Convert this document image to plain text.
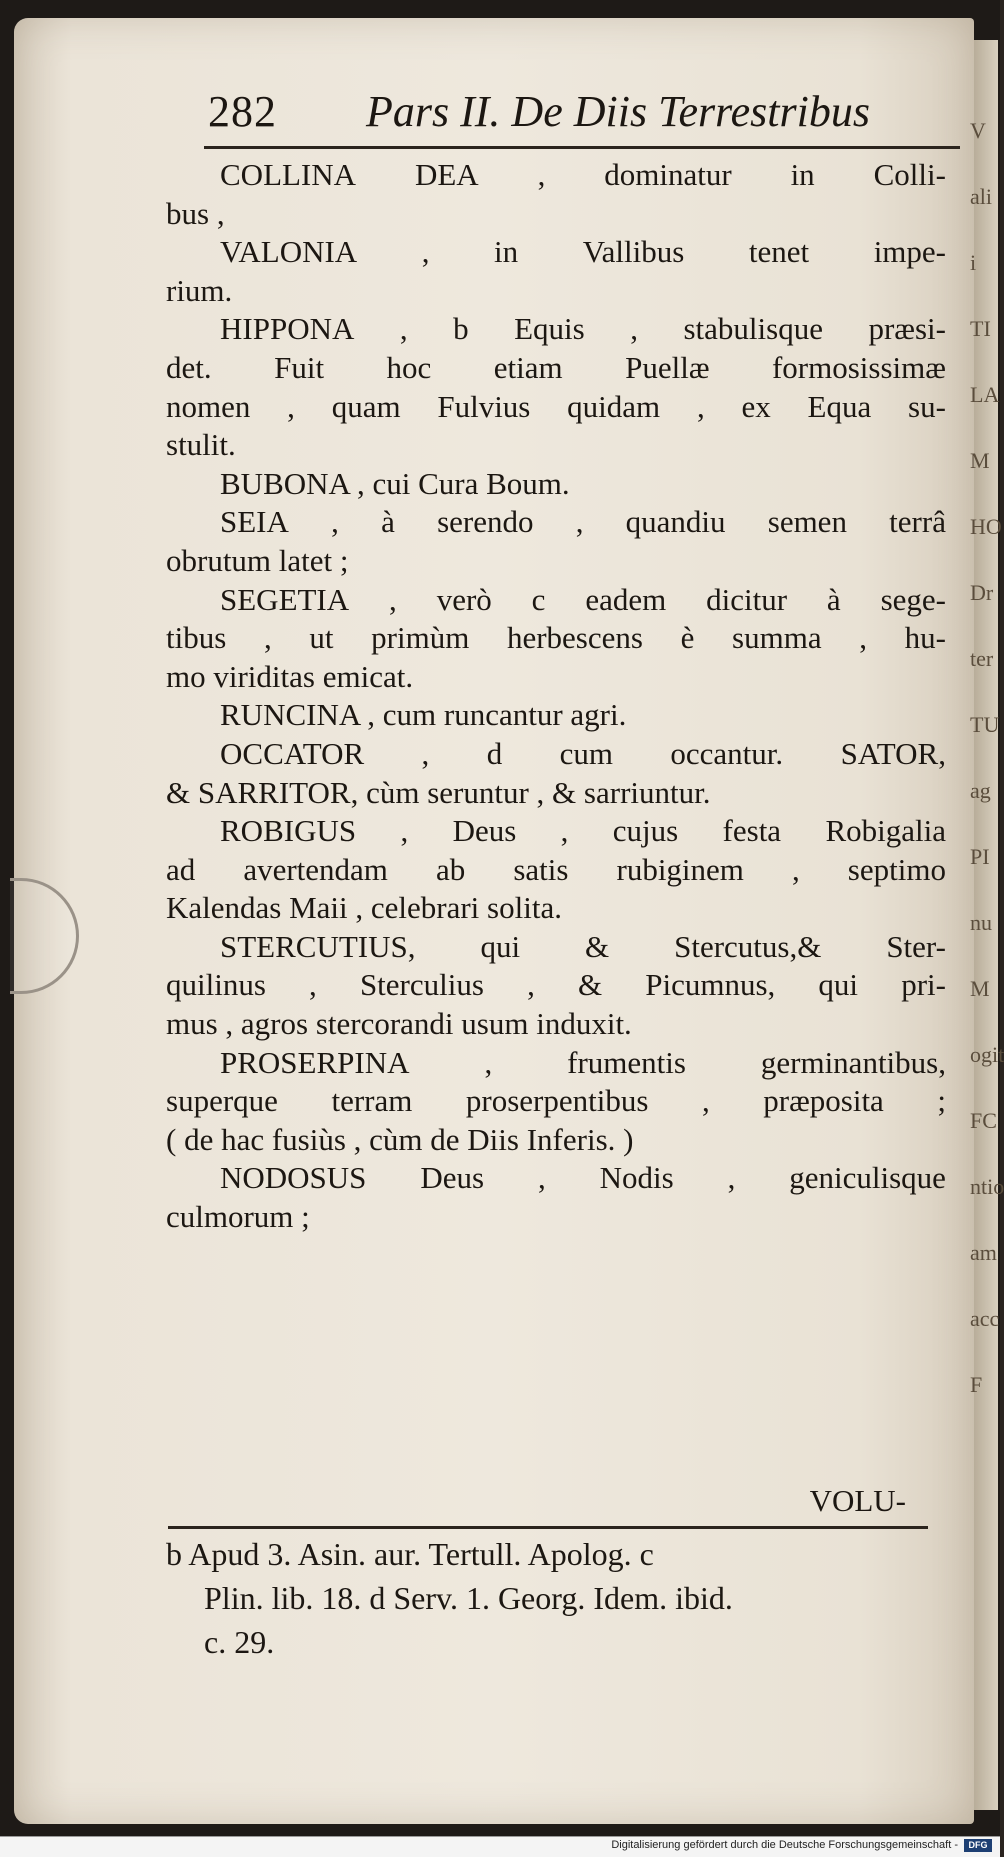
V
ali
i
TI
LA
M
HO
Dr
ter
TU
ag
PI
nu
M
ogit
FC
ntio
am
acc
F
282 Pars II. De Diis Terrestribus
COLLINA DEA , dominatur in Colli-
bus ,
VALONIA , in Vallibus tenet impe-
rium.
HIPPONA , b Equis , stabulisque præsi-
det. Fuit hoc etiam Puellæ formosissimæ
nomen , quam Fulvius quidam , ex Equa su-
stulit.
BUBONA , cui Cura Boum.
SEIA , à serendo , quandiu semen terrâ
obrutum latet ;
SEGETIA , verò c eadem dicitur à sege-
tibus , ut primùm herbescens è summa , hu-
mo viriditas emicat.
RUNCINA , cum runcantur agri.
OCCATOR , d cum occantur. SATOR,
& SARRITOR, cùm seruntur , & sarriuntur.
ROBIGUS , Deus , cujus festa Robigalia
ad avertendam ab satis rubiginem , septimo
Kalendas Maii , celebrari solita.
STERCUTIUS, qui & Stercutus,& Ster-
quilinus , Sterculius , & Picumnus, qui pri-
mus , agros stercorandi usum induxit.
PROSERPINA , frumentis germinantibus,
superque terram proserpentibus , præposita ;
( de hac fusiùs , cùm de Diis Inferis. )
NODOSUS Deus , Nodis , geniculisque
culmorum ;
VOLU-
b Apud 3. Asin. aur. Tertull. Apolog. c
Plin. lib. 18. d Serv. 1. Georg. Idem. ibid.
c. 29.
Digitalisierung gefördert durch die Deutsche Forschungsgemeinschaft -	DFG
